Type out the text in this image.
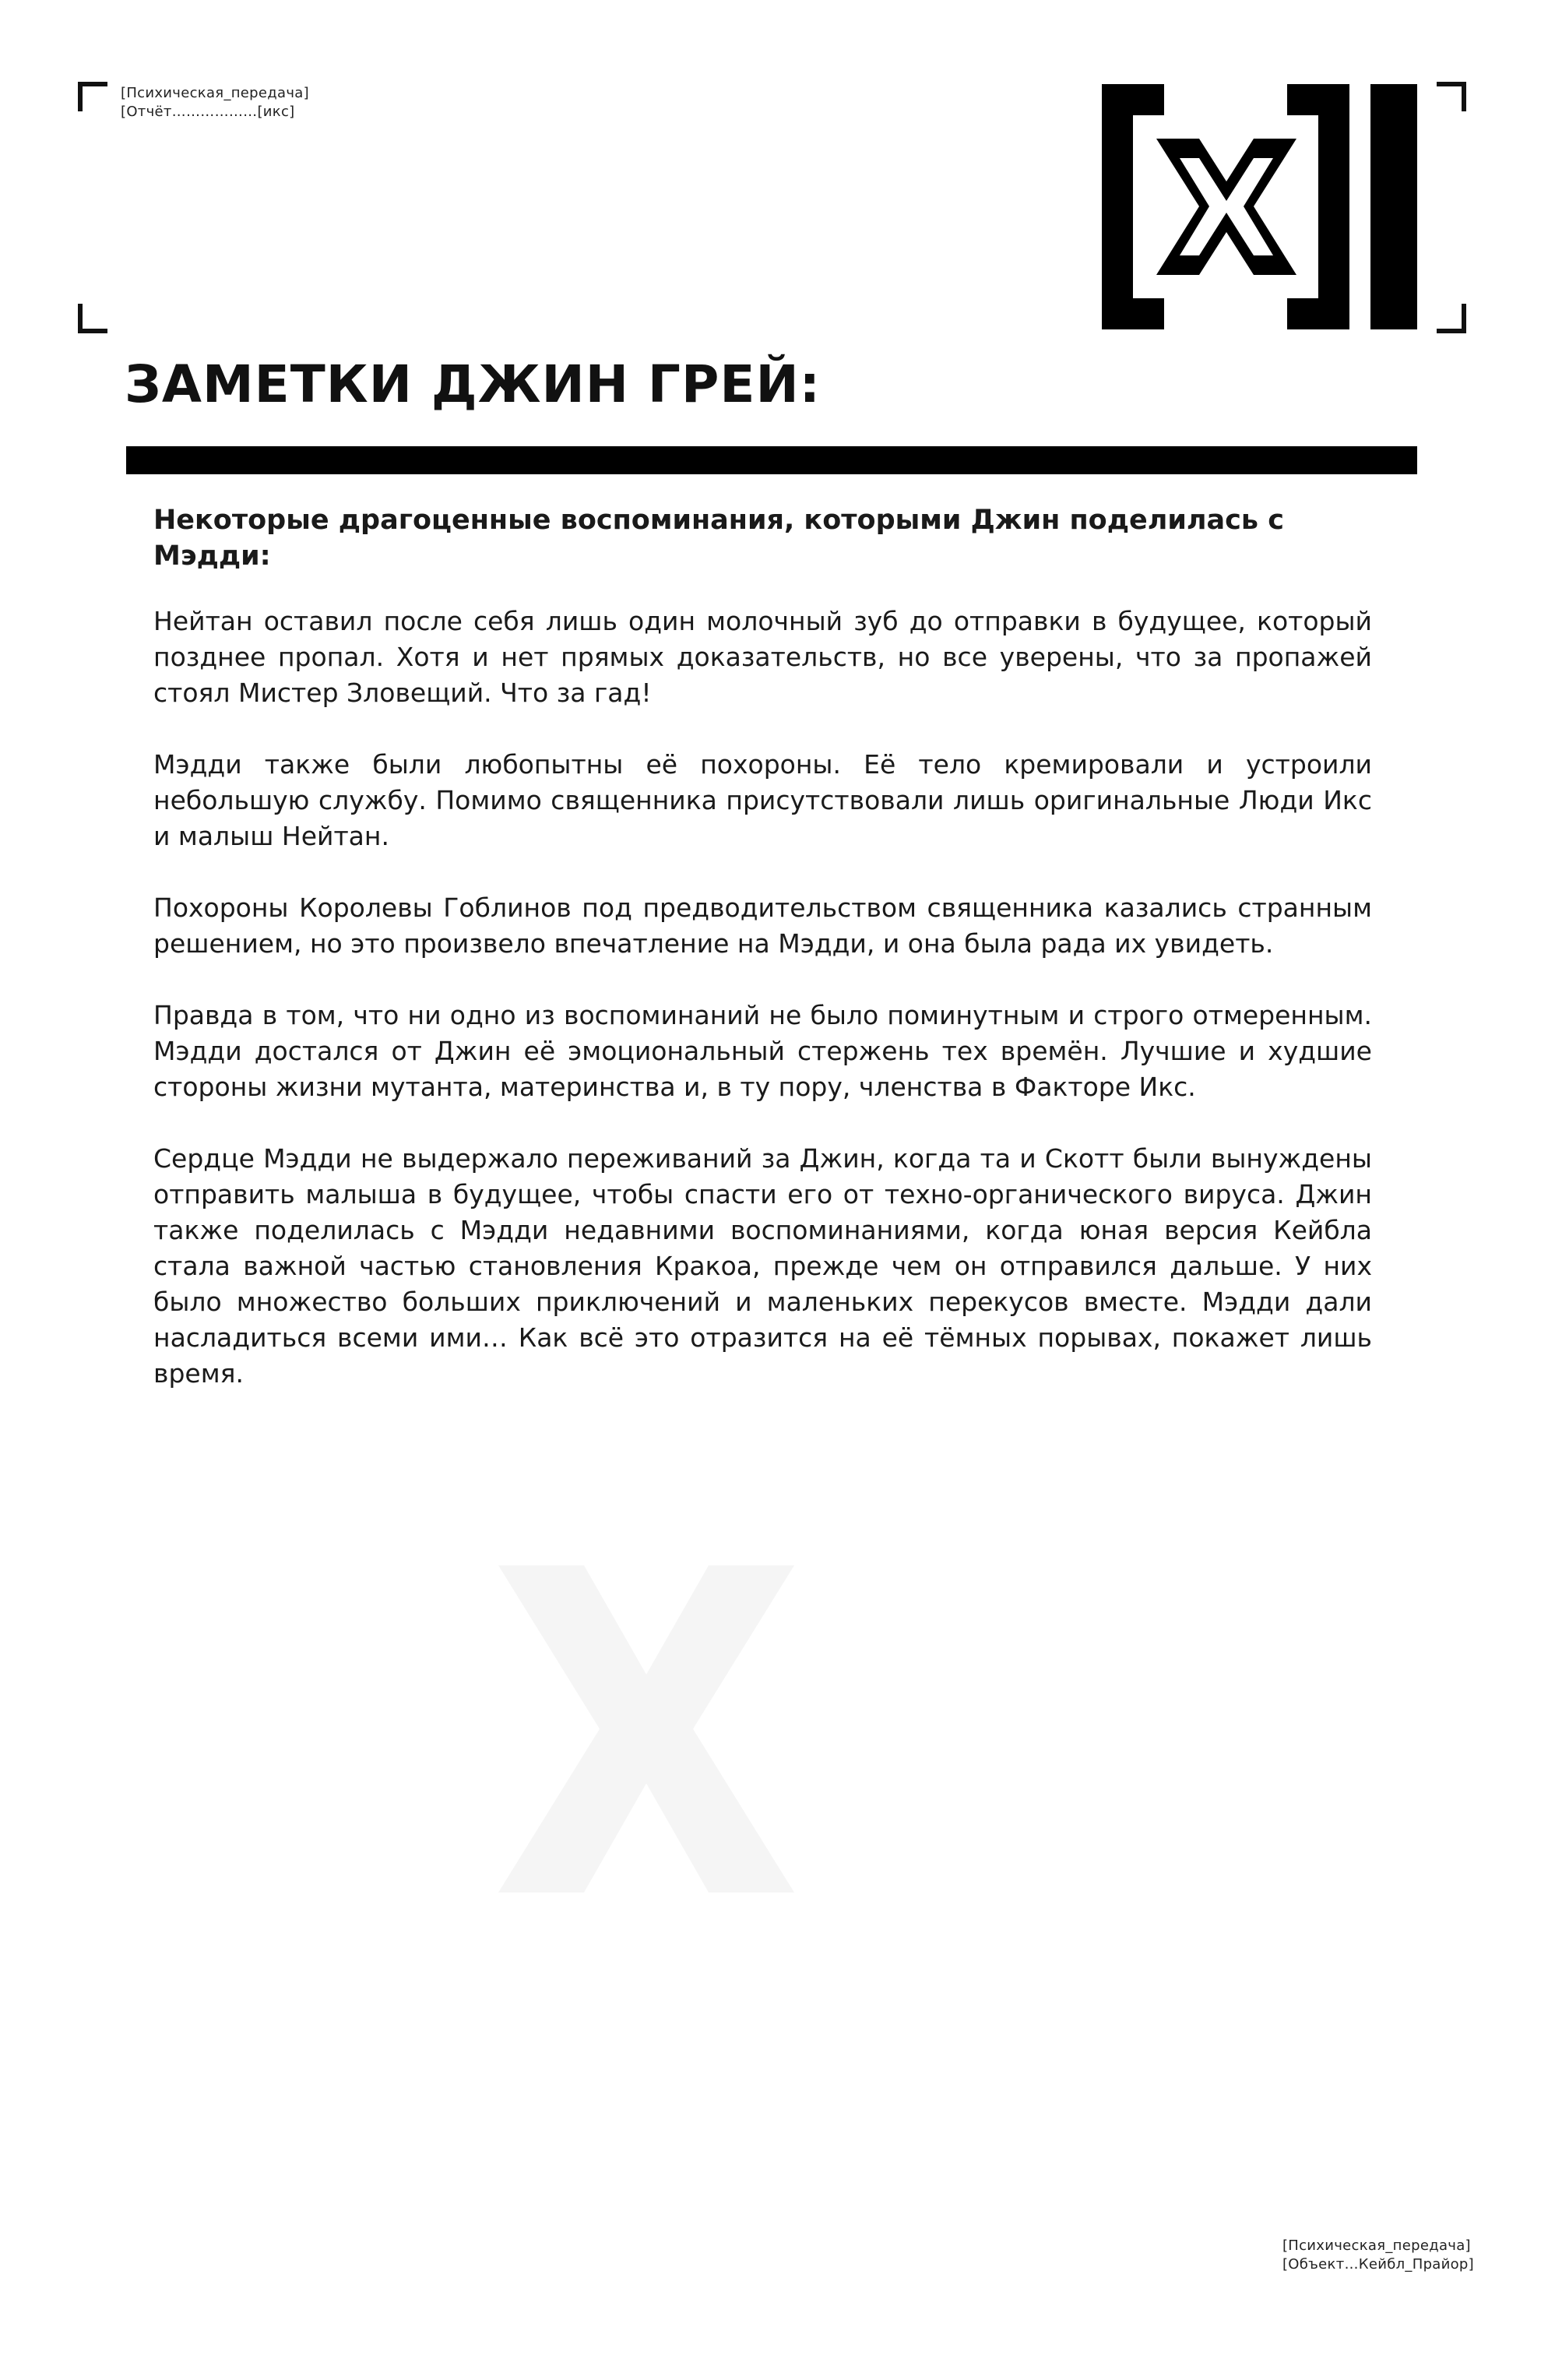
[Психическая_передача]
[Отчёт………………[икс]
ЗАМЕТКИ ДЖИН ГРЕЙ:
Некоторые драгоценные воспоминания, которыми Джин поделилась с Мэдди:

Нейтан оставил после себя лишь один молочный зуб до отправки в будущее, который позднее пропал. Хотя и нет прямых доказательств, но все уверены, что за пропажей стоял Мистер Зловещий. Что за гад!

Мэдди также были любопытны её похороны. Её тело кремировали и устроили небольшую службу. Помимо священника присутствовали лишь оригинальные Люди Икс и малыш Нейтан.

Похороны Королевы Гоблинов под предводительством священника казались странным решением, но это произвело впечатление на Мэдди, и она была рада их увидеть.

Правда в том, что ни одно из воспоминаний не было поминутным и строго отмеренным. Мэдди достался от Джин её эмоциональный стержень тех времён. Лучшие и худшие стороны жизни мутанта, материнства и, в ту пору, членства в Факторе Икс.

Сердце Мэдди не выдержало переживаний за Джин, когда та и Скотт были вынуждены отправить малыша в будущее, чтобы спасти его от техно-органического вируса. Джин также поделилась с Мэдди недавними воспоминаниями, когда юная версия Кейбла стала важной частью становления Кракоа, прежде чем он отправился дальше. У них было множество больших приключений и маленьких перекусов вместе. Мэдди дали насладиться всеми ими… Как всё это отразится на её тёмных порывах, покажет лишь время.

[Психическая_передача]
[Объект…Кейбл_Прайор]
